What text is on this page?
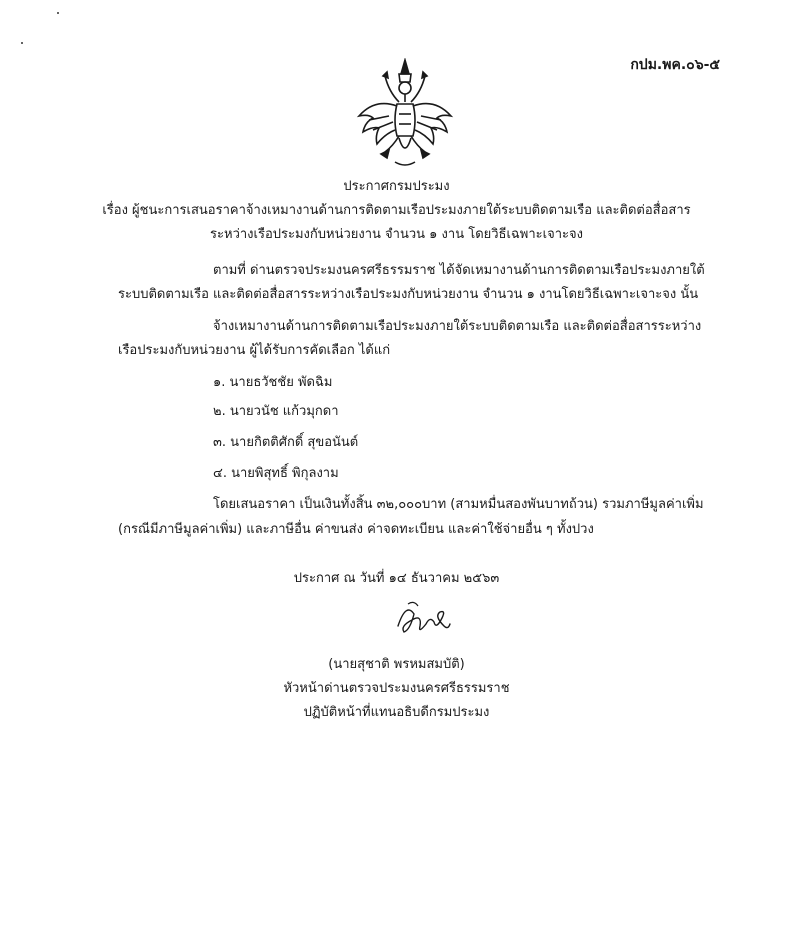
กปม.พค.๐๖-๕
ประกาศกรมประมง
เรื่อง ผู้ชนะการเสนอราคาจ้างเหมางานด้านการติดตามเรือประมงภายใต้ระบบติดตามเรือ และติดต่อสื่อสาร
ระหว่างเรือประมงกับหน่วยงาน จำนวน ๑ งาน โดยวิธีเฉพาะเจาะจง
ตามที่ ด่านตรวจประมงนครศรีธรรมราช ได้จัดเหมางานด้านการติดตามเรือประมงภายใต้
ระบบติดตามเรือ และติดต่อสื่อสารระหว่างเรือประมงกับหน่วยงาน จำนวน ๑ งานโดยวิธีเฉพาะเจาะจง นั้น
จ้างเหมางานด้านการติดตามเรือประมงภายใต้ระบบติดตามเรือ และติดต่อสื่อสารระหว่าง
เรือประมงกับหน่วยงาน ผู้ได้รับการคัดเลือก ได้แก่
๑. นายธวัชชัย พัดฉิม
๒. นายวนัช แก้วมุกดา
๓. นายกิตติศักดิ์ สุขอนันต์
๔. นายพิสุทธิ์ พิกุลงาม
โดยเสนอราคา เป็นเงินทั้งสิ้น ๓๒,๐๐๐บาท (สามหมื่นสองพันบาทถ้วน) รวมภาษีมูลค่าเพิ่ม
(กรณีมีภาษีมูลค่าเพิ่ม) และภาษีอื่น ค่าขนส่ง ค่าจดทะเบียน และค่าใช้จ่ายอื่น ๆ ทั้งปวง
ประกาศ ณ วันที่ ๑๔ ธันวาคม ๒๕๖๓
(นายสุชาติ พรหมสมบัติ)
หัวหน้าด่านตรวจประมงนครศรีธรรมราช
ปฏิบัติหน้าที่แทนอธิบดีกรมประมง
